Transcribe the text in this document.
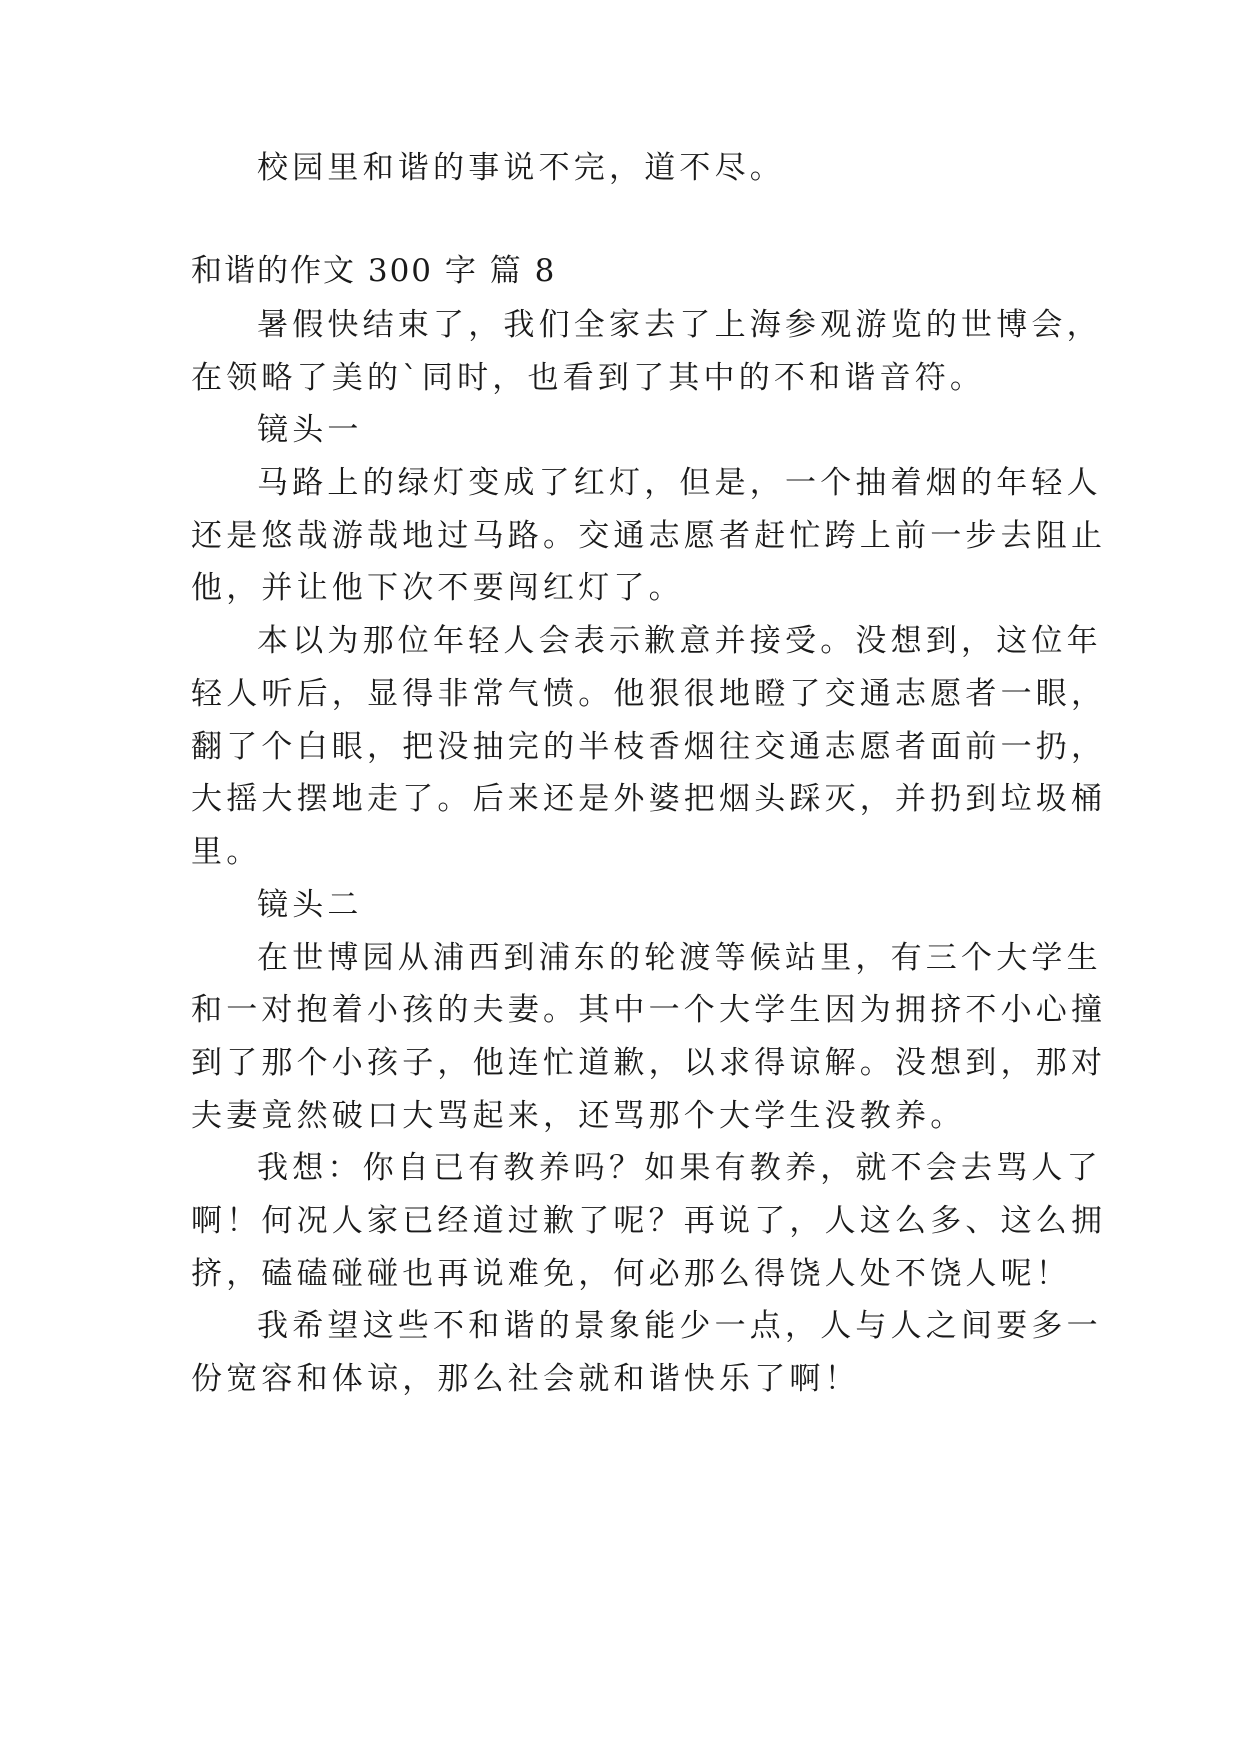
校园里和谐的事说不完，道不尽。
和谐的作文 300 字 篇 8
暑假快结束了，我们全家去了上海参观游览的世博会，
在领略了美的`同时，也看到了其中的不和谐音符。
镜头一
马路上的绿灯变成了红灯，但是，一个抽着烟的年轻人
还是悠哉游哉地过马路。交通志愿者赶忙跨上前一步去阻止
他，并让他下次不要闯红灯了。
本以为那位年轻人会表示歉意并接受。没想到，这位年
轻人听后，显得非常气愤。他狠很地瞪了交通志愿者一眼，
翻了个白眼，把没抽完的半枝香烟往交通志愿者面前一扔，
大摇大摆地走了。后来还是外婆把烟头踩灭，并扔到垃圾桶
里。
镜头二
在世博园从浦西到浦东的轮渡等候站里，有三个大学生
和一对抱着小孩的夫妻。其中一个大学生因为拥挤不小心撞
到了那个小孩子，他连忙道歉，以求得谅解。没想到，那对
夫妻竟然破口大骂起来，还骂那个大学生没教养。
我想：你自已有教养吗？如果有教养，就不会去骂人了
啊！何况人家已经道过歉了呢？再说了，人这么多、这么拥
挤，磕磕碰碰也再说难免，何必那么得饶人处不饶人呢！
我希望这些不和谐的景象能少一点，人与人之间要多一
份宽容和体谅，那么社会就和谐快乐了啊！
